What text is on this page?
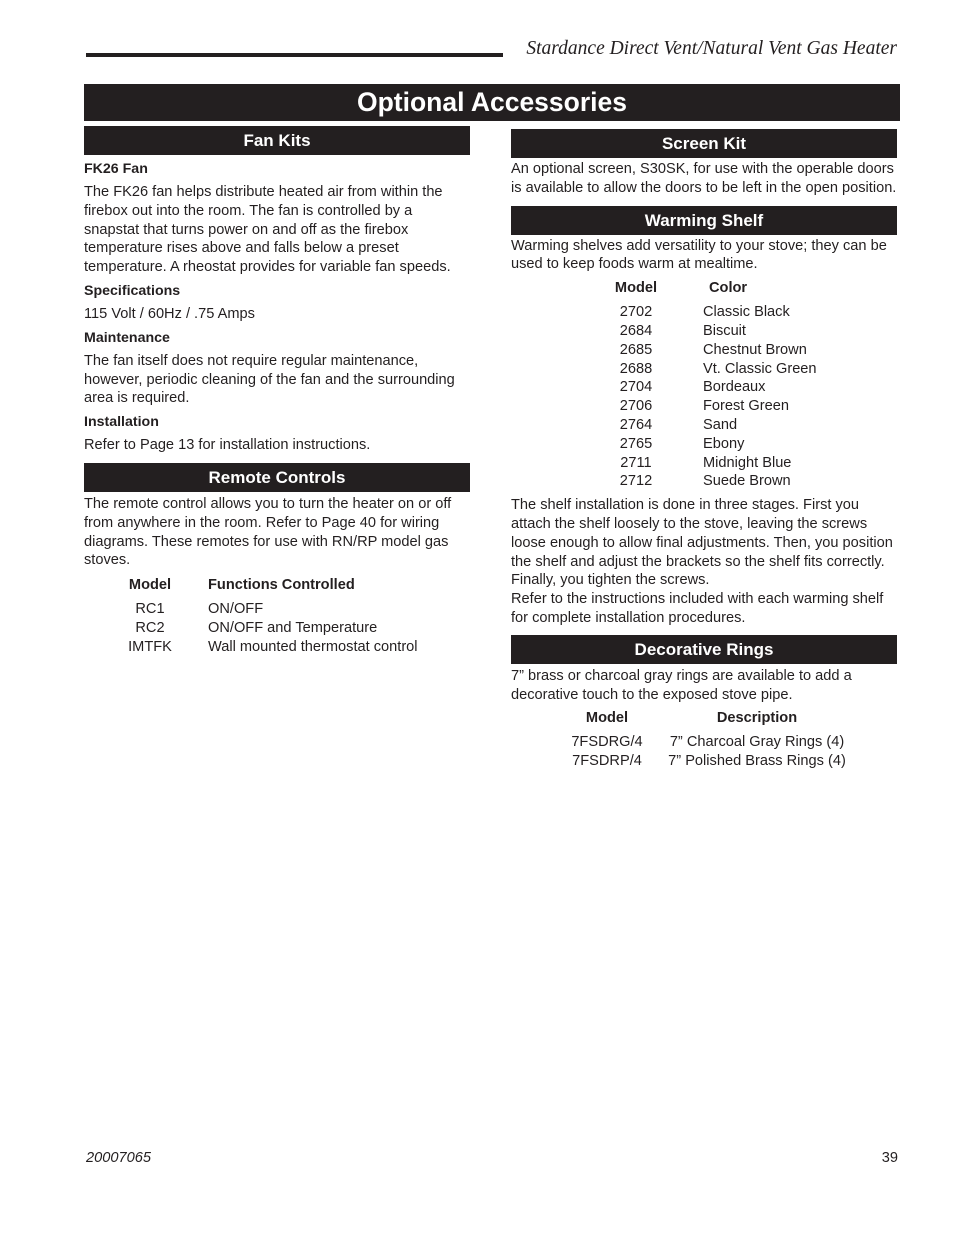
Stardance Direct Vent/Natural Vent Gas Heater
Optional Accessories
Fan Kits

FK26 Fan

The FK26 fan helps distribute heated air from within the firebox out into the room. The fan is controlled by a snapstat that turns power on and off as the firebox temperature rises above and falls below a preset temperature. A rheostat provides for variable fan speeds.

Specifications

115 Volt / 60Hz / .75 Amps

Maintenance

The fan itself does not require regular maintenance, however, periodic cleaning of the fan and the surrounding area is required.

Installation

Refer to Page 13 for installation instructions.

Remote Controls

The remote control allows you to turn the heater on or off from anywhere in the room. Refer to Page 40 for wiring diagrams. These remotes for use with RN/RP model gas stoves.

Model	Functions Controlled

RC1	ON/OFF
RC2	ON/OFF and Temperature
IMTFK	Wall mounted thermostat control
Screen Kit

An optional screen, S30SK, for use with the operable doors is available to allow the doors to be left in the open position.

Warming Shelf

Warming shelves add versatility to your stove; they can be used to keep foods warm at mealtime.

Model	Color

2702	Classic Black
2684	Biscuit
2685	Chestnut Brown
2688	Vt. Classic Green
2704	Bordeaux
2706	Forest Green
2764	Sand
2765	Ebony
2711	Midnight Blue
2712	Suede Brown

The shelf installation is done in three stages. First you attach the shelf loosely to the stove, leaving the screws loose enough to allow final adjustments. Then, you position the shelf and adjust the brackets so the shelf fits correctly. Finally, you tighten the screws.

Refer to the instructions included with each warming shelf for complete installation procedures.

Decorative Rings

7” brass or charcoal gray rings are available to add a decorative touch to the exposed stove pipe.

Model	Description

7FSDRG/4	7” Charcoal Gray Rings (4)
7FSDRP/4	7” Polished Brass Rings (4)
20007065	39
